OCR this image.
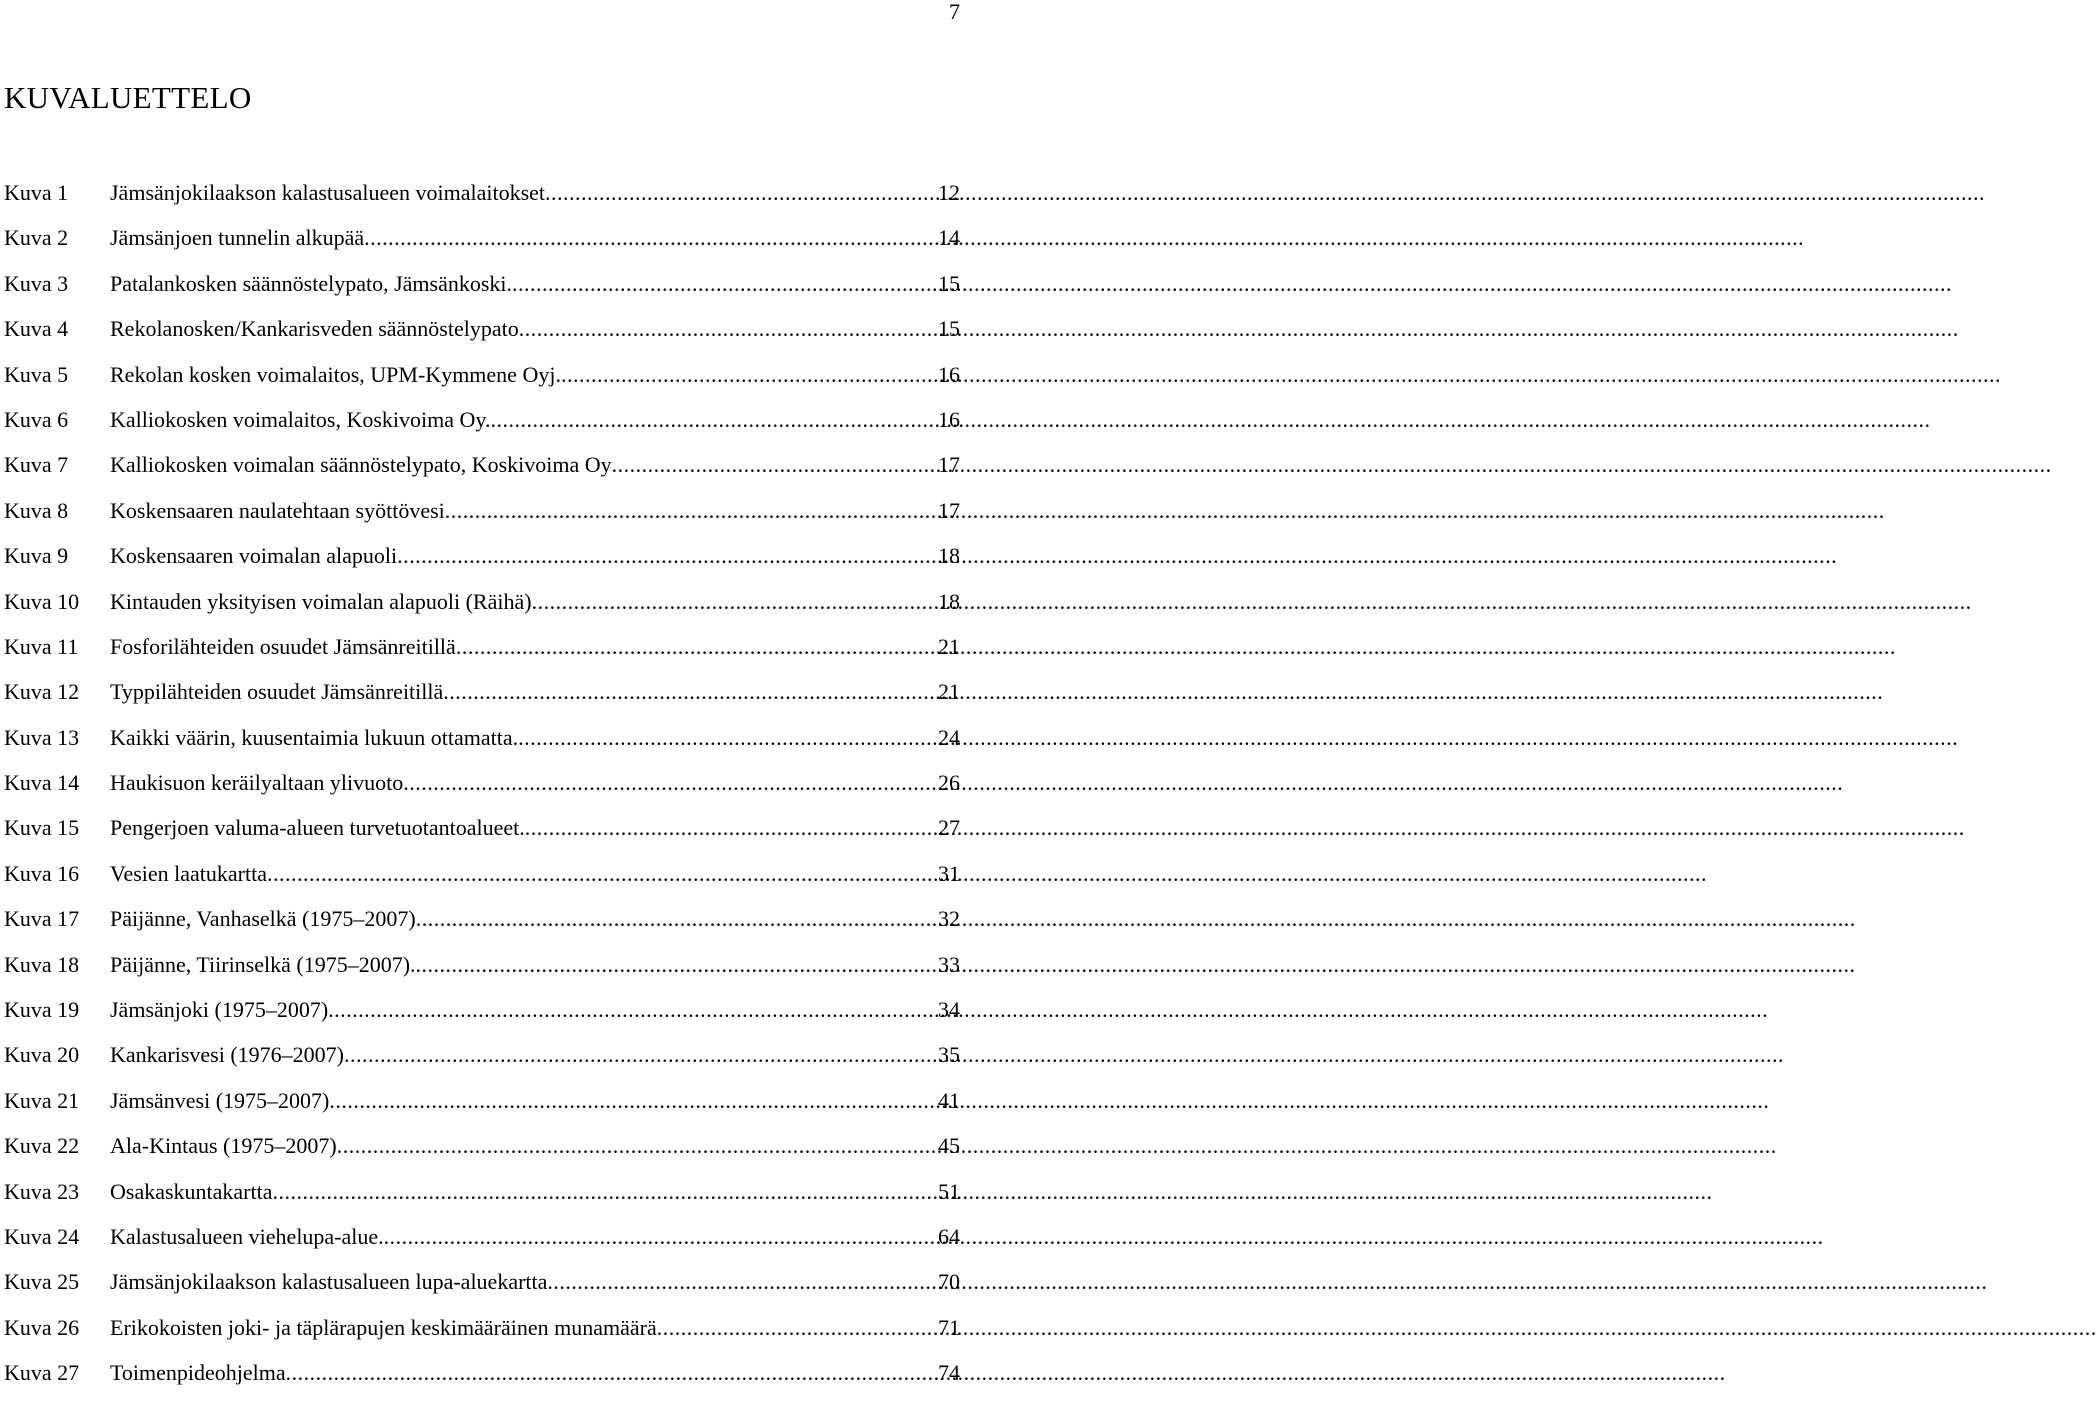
7
KUVALUETTELO
Kuva 1	Jämsänjokilaakson kalastusalueen voimalaitokset .....	12
Kuva 2	Jämsänjoen tunnelin alkupää .....	14
Kuva 3	Patalankosken säännöstelypato, Jämsänkoski. .....	15
Kuva 4	Rekolanosken/Kankarisveden säännöstelypato .....	15
Kuva 5	Rekolan kosken voimalaitos, UPM-Kymmene Oyj. .....	16
Kuva 6	Kalliokosken voimalaitos, Koskivoima Oy. .....	16
Kuva 7	Kalliokosken voimalan säännöstelypato, Koskivoima Oy .....	17
Kuva 8	Koskensaaren naulatehtaan syöttövesi .....	17
Kuva 9	Koskensaaren voimalan alapuoli .....	18
Kuva 10	Kintauden yksityisen voimalan alapuoli (Räihä) .....	18
Kuva 11	Fosforilähteiden osuudet Jämsänreitillä .....	21
Kuva 12	Typpilähteiden osuudet Jämsänreitillä .....	21
Kuva 13	Kaikki väärin, kuusentaimia lukuun ottamatta. .....	24
Kuva 14	Haukisuon keräilyaltaan ylivuoto .....	26
Kuva 15	Pengerjoen valuma-alueen turvetuotantoalueet. .....	27
Kuva 16	Vesien laatukartta .....	31
Kuva 17	Päijänne, Vanhaselkä (1975–2007) .....	32
Kuva 18	Päijänne, Tiirinselkä (1975–2007). .....	33
Kuva 19	Jämsänjoki (1975–2007) .....	34
Kuva 20	Kankarisvesi (1976–2007) .....	35
Kuva 21	Jämsänvesi (1975–2007) .....	41
Kuva 22	Ala-Kintaus (1975–2007) .....	45
Kuva 23	Osakaskuntakartta .....	51
Kuva 24	Kalastusalueen viehelupa-alue. .....	64
Kuva 25	Jämsänjokilaakson kalastusalueen lupa-aluekartta .....	70
Kuva 26	Erikokoisten joki- ja täplärapujen keskimääräinen munamäärä .....	71
Kuva 27	Toimenpideohjelma .....	74
